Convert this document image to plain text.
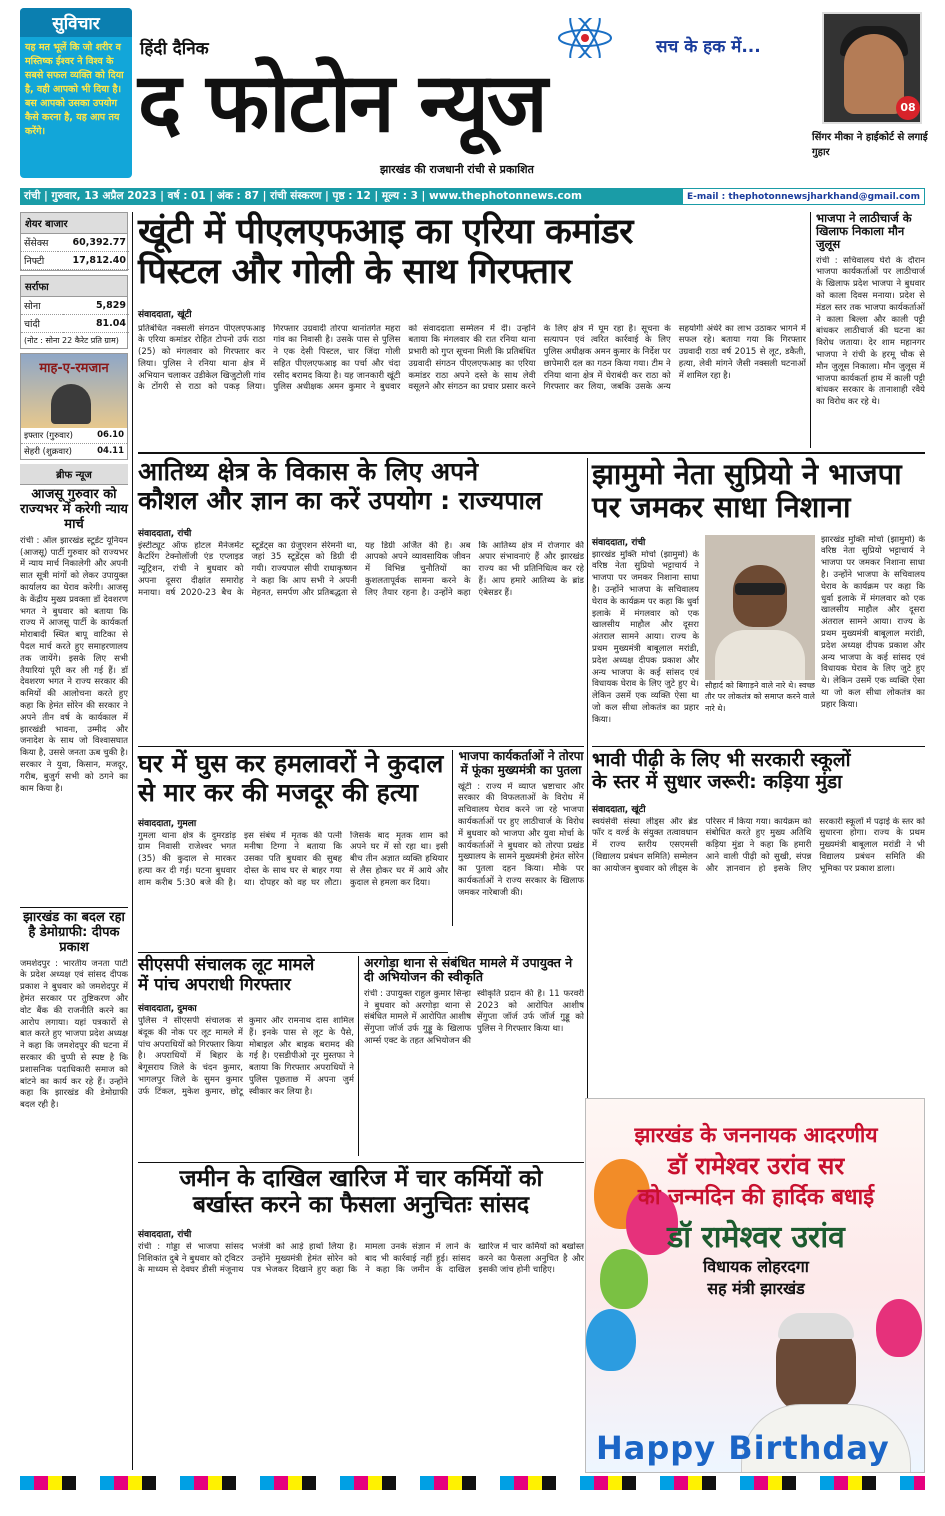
सुविचार

यह मत भूलें कि जो शरीर व मस्तिष्क ईश्वर ने विश्व के सबसे सफल व्यक्ति को दिया है, वही आपको भी दिया है। बस आपको उसका उपयोग कैसे करना है, यह आप तय करेंगे।

हिंदी दैनिक
द फोटोन न्यूज
सच के हक में...
झारखंड की राजधानी रांची से प्रकाशित
08
सिंगर मीका ने हाईकोर्ट से लगाई गुहार
रांची | गुरुवार, 13 अप्रैल 2023 | वर्ष : 01 | अंक : 87 | रांची संस्करण | पृष्ठ : 12 | मूल्य : 3 | www.thephotonnews.com	E-mail : thephotonnewsjharkhand@gmail.com
शेयर बाजार
सेंसेक्स	60,392.77
निफ्टी	17,812.40
सर्राफा
सोना	5,829
चांदी	81.04
(नोट : सोना 22 कैरेट प्रति ग्राम)
माह-ए-रमजान
इफ्तार (गुरुवार)	06.10
सेहरी (शुक्रवार)	04.11
ब्रीफ न्यूज
आजसू गुरुवार को राज्यभर में करेगी न्याय मार्च
रांची : ऑल झारखंड स्टूडेंट यूनियन (आजसू) पार्टी गुरुवार को राज्यभर में न्याय मार्च निकालेगी और अपनी सात सूत्री मांगों को लेकर उपायुक्त कार्यालय का घेराव करेगी। आजसू के केंद्रीय मुख्य प्रवक्ता डॉ देवशरण भगत ने बुधवार को बताया कि राज्य में आजसू पार्टी के कार्यकर्ता मोराबादी स्थित बापू वाटिका से पैदल मार्च करते हुए समाहरणालय तक जायेंगे। इसके लिए सभी तैयारियां पूरी कर ली गई हैं। डॉ देवशरण भगत ने राज्य सरकार की कमियों की आलोचना करते हुए कहा कि हेमंत सोरेन की सरकार ने अपने तीन वर्ष के कार्यकाल में झारखंडी भावना, उम्मीद और जनादेश के साथ जो विश्वासघात किया है, उससे जनता ऊब चुकी है। सरकार ने युवा, किसान, मजदूर, गरीब, बुजुर्ग सभी को ठगने का काम किया है।
झारखंड का बदल रहा है डेमोग्राफी: दीपक प्रकाश
जमशेदपुर : भारतीय जनता पार्टी के प्रदेश अध्यक्ष एवं सांसद दीपक प्रकाश ने बुधवार को जमशेदपुर में हेमंत सरकार पर तुष्टिकरण और वोट बैंक की राजनीति करने का आरोप लगाया। यहां पत्रकारों से बात करते हुए भाजपा प्रदेश अध्यक्ष ने कहा कि जमशेदपुर की घटना में सरकार की चुप्पी से स्पष्ट है कि प्रशासनिक पदाधिकारी समाज को बांटने का कार्य कर रहे हैं। उन्होंने कहा कि झारखंड की डेमोग्राफी बदल रही है।
खूंटी में पीएलएफआइ का एरिया कमांडर
पिस्टल और गोली के साथ गिरफ्तार
संवाददाता, खूंटी
प्रतिबंधित नक्सली संगठन पीएलएफआइ के एरिया कमांडर रोहित टोपनो उर्फ राठा (25) को मंगलवार को गिरफ्तार कर लिया। पुलिस ने रनिया थाना क्षेत्र में अभियान चलाकर उडीकेल खिजुटोली गांव के टोंगरी से राठा को पकड़ लिया। गिरफ्तार उग्रवादी तोरपा थानांतर्गत महरा गांव का निवासी है। उसके पास से पुलिस ने एक देसी पिस्टल, चार जिंदा गोली सहित पीएलएफआइ का पर्चा और चंदा रसीद बरामद किया है। यह जानकारी खूंटी पुलिस अधीक्षक अमन कुमार ने बुधवार को संवाददाता सम्मेलन में दी। उन्होंने बताया कि मंगलवार की रात रनिया थाना प्रभारी को गुप्त सूचना मिली कि प्रतिबंधित उग्रवादी संगठन पीएलएफआइ का एरिया कमांडर राठा अपने दस्ते के साथ लेवी वसूलने और संगठन का प्रचार प्रसार करने के लिए क्षेत्र में घूम रहा है। सूचना के सत्यापन एवं त्वरित कार्रवाई के लिए पुलिस अधीक्षक अमन कुमार के निर्देश पर छापेमारी दल का गठन किया गया। टीम ने रनिया थाना क्षेत्र में घेराबंदी कर राठा को गिरफ्तार कर लिया, जबकि उसके अन्य सहयोगी अंधेरे का लाभ उठाकर भागने में सफल रहे। बताया गया कि गिरफ्तार उग्रवादी राठा वर्ष 2015 से लूट, डकैती, हत्या, लेवी मांगने जैसी नक्सली घटनाओं में शामिल रहा है।
भाजपा ने लाठीचार्ज के खिलाफ निकाला मौन जुलूस
रांची : सचिवालय घेरो के दौरान भाजपा कार्यकर्ताओं पर लाठीचार्ज के खिलाफ प्रदेश भाजपा ने बुधवार को काला दिवस मनाया। प्रदेश से मंडल स्तर तक भाजपा कार्यकर्ताओं ने काला बिल्ला और काली पट्टी बांधकर लाठीचार्ज की घटना का विरोध जताया। देर शाम महानगर भाजपा ने रांची के हरमू चौक से मौन जुलूस निकाला। मौन जुलूस में भाजपा कार्यकर्ता हाथ में काली पट्टी बांधकर सरकार के तानाशाही रवैये का विरोध कर रहे थे।
आतिथ्य क्षेत्र के विकास के लिए अपने
कौशल और ज्ञान का करें उपयोग : राज्यपाल
संवाददाता, रांची
इंस्टीट्यूट ऑफ होटल मैनेजमेंट कैटरिंग टेक्नोलॉजी एंड एप्लाइड न्यूट्रिशन, रांची ने बुधवार को अपना दूसरा दीक्षांत समारोह मनाया। वर्ष 2020-23 बैच के स्टूडेंट्स का ग्रेजुएशन सेरेमनी था, जहां 35 स्टूडेंट्स को डिग्री दी गयी। राज्यपाल सीपी राधाकृष्णन ने कहा कि आप सभी ने अपनी मेहनत, समर्पण और प्रतिबद्धता से यह डिग्री अर्जित की है। अब आपको अपने व्यावसायिक जीवन में विभिन्न चुनौतियों का कुशलतापूर्वक सामना करने के लिए तैयार रहना है। उन्होंने कहा कि आतिथ्य क्षेत्र में रोजगार की अपार संभावनाएं हैं और झारखंड राज्य का भी प्रतिनिधित्व कर रहे हैं। आप हमारे आतिथ्य के ब्रांड एंबेसडर हैं।
झामुमो नेता सुप्रियो ने भाजपा
पर जमकर साधा निशाना
संवाददाता, रांची
झारखंड मुक्ति मोर्चा (झामुमो) के वरिष्ठ नेता सुप्रियो भट्टाचार्य ने भाजपा पर जमकर निशाना साधा है। उन्होंने भाजपा के सचिवालय घेराव के कार्यक्रम पर कहा कि धुर्वा इलाके में मंगलवार को एक खालसीय माहौल और दूसरा अंतराल सामने आया। राज्य के प्रथम मुख्यमंत्री बाबूलाल मरांडी, प्रदेश अध्यक्ष दीपक प्रकाश और अन्य भाजपा के कई सांसद एवं विधायक घेराव के लिए जुटे हुए थे। लेकिन उसमें एक व्यक्ति ऐसा था जो कल सीधा लोकतंत्र का प्रहार किया।
सौहार्द को बिगाड़ने वाले नारे थे। स्वच्छ तौर पर लोकतंत्र को समाप्त करने वाले नारे थे।
झारखंड मुक्ति मोर्चा (झामुमो) के वरिष्ठ नेता सुप्रियो भट्टाचार्य ने भाजपा पर जमकर निशाना साधा है। उन्होंने भाजपा के सचिवालय घेराव के कार्यक्रम पर कहा कि धुर्वा इलाके में मंगलवार को एक खालसीय माहौल और दूसरा अंतराल सामने आया। राज्य के प्रथम मुख्यमंत्री बाबूलाल मरांडी, प्रदेश अध्यक्ष दीपक प्रकाश और अन्य भाजपा के कई सांसद एवं विधायक घेराव के लिए जुटे हुए थे। लेकिन उसमें एक व्यक्ति ऐसा था जो कल सीधा लोकतंत्र का प्रहार किया।
घर में घुस कर हमलावरों ने कुदाल
से मार कर की मजदूर की हत्या
संवाददाता, गुमला
गुमला थाना क्षेत्र के दुमरडांड़ ग्राम निवासी राजेश्वर भगत (35) की कुदाल से मारकर हत्या कर दी गई। घटना बुधवार शाम करीब 5:30 बजे की है। इस संबंध में मृतक की पत्नी मनीषा टिग्गा ने बताया कि उसका पति बुधवार की सुबह दोस्त के साथ घर से बाहर गया था। दोपहर को वह घर लौटा। जिसके बाद मृतक शाम को अपने घर में सो रहा था। इसी बीच तीन अज्ञात व्यक्ति हथियार से लैस होकर घर में आये और कुदाल से हमला कर दिया।
भाजपा कार्यकर्ताओं ने तोरपा में फूंका मुख्यमंत्री का पुतला
खूंटी : राज्य में व्याप्त भ्रष्टाचार और सरकार की विफलताओं के विरोध में सचिवालय घेराव करने जा रहे भाजपा कार्यकर्ताओं पर हुए लाठीचार्ज के विरोध में बुधवार को भाजपा और युवा मोर्चा के कार्यकर्ताओं ने बुधवार को तोरपा प्रखंड मुख्यालय के सामने मुख्यमंत्री हेमंत सोरेन का पुतला दहन किया। मौके पर कार्यकर्ताओं ने राज्य सरकार के खिलाफ जमकर नारेबाजी की।
सीएसपी संचालक लूट मामले
में पांच अपराधी गिरफ्तार
संवाददाता, दुमका
पुलिस ने सीएसपी संचालक से बंदूक की नोक पर लूट मामले में पांच अपराधियों को गिरफ्तार किया है। अपराधियों में बिहार के बेगूसराय जिले के चंदन कुमार, भागलपुर जिले के सुमन कुमार उर्फ टिंकल, मुकेश कुमार, छोटू कुमार और रामनाथ दास शामिल हैं। इनके पास से लूट के पैसे, मोबाइल और बाइक बरामद की गई है। एसडीपीओ नूर मुस्तफा ने बताया कि गिरफ्तार अपराधियों ने पुलिस पूछताछ में अपना जुर्म स्वीकार कर लिया है।
अरगोड़ा थाना से संबंधित मामले में उपायुक्त ने दी अभियोजन की स्वीकृति
रांची : उपायुक्त राहुल कुमार सिन्हा ने बुधवार को अरगोड़ा थाना से संबंधित मामले में आरोपित आशीष सेंगुप्ता जॉर्ज उर्फ गुड्डू के खिलाफ आर्म्स एक्ट के तहत अभियोजन की स्वीकृति प्रदान की है। 11 फरवरी 2023 को आरोपित आशीष सेंगुप्ता जॉर्ज उर्फ जॉर्ज गुड्डू को पुलिस ने गिरफ्तार किया था।
भावी पीढ़ी के लिए भी सरकारी स्कूलों
के स्तर में सुधार जरूरी: कड़िया मुंडा
संवाददाता, खूंटी
स्वयंसेवी संस्था लीड्स और ब्रेड फॉर द वर्ल्ड के संयुक्त तत्वावधान में राज्य स्तरीय एसएमसी (विद्यालय प्रबंधन समिति) सम्मेलन का आयोजन बुधवार को लीड्स के परिसर में किया गया। कार्यक्रम को संबोधित करते हुए मुख्य अतिथि कड़िया मुंडा ने कहा कि हमारी आने वाली पीढ़ी को सुखी, संपन्न और ज्ञानवान हो इसके लिए सरकारी स्कूलों में पढ़ाई के स्तर को सुधारना होगा। राज्य के प्रथम मुख्यमंत्री बाबूलाल मरांडी ने भी विद्यालय प्रबंधन समिति की भूमिका पर प्रकाश डाला।
जमीन के दाखिल खारिज में चार कर्मियों को
बर्खास्त करने का फैसला अनुचितः सांसद
संवाददाता, रांची
रांची : गोड्डा से भाजपा सांसद निशिकांत दुबे ने बुधवार को ट्विटर के माध्यम से देवघर डीसी मंजूनाथ भजंत्री को आड़े हाथों लिया है। उन्होंने मुख्यमंत्री हेमंत सोरेन को पत्र भेजकर दिखाने हुए कहा कि मामला उनके संज्ञान में लाने के बाद भी कार्रवाई नहीं हुई। सांसद ने कहा कि जमीन के दाखिल खारिज में चार कर्मियों को बर्खास्त करने का फैसला अनुचित है और इसकी जांच होनी चाहिए।
झारखंड के जननायक आदरणीय
डॉ रामेश्वर उरांव सर
को जन्मदिन की हार्दिक बधाई
डॉ रामेश्वर उरांव
विधायक लोहरदगा
सह मंत्री झारखंड
Happy Birthday
